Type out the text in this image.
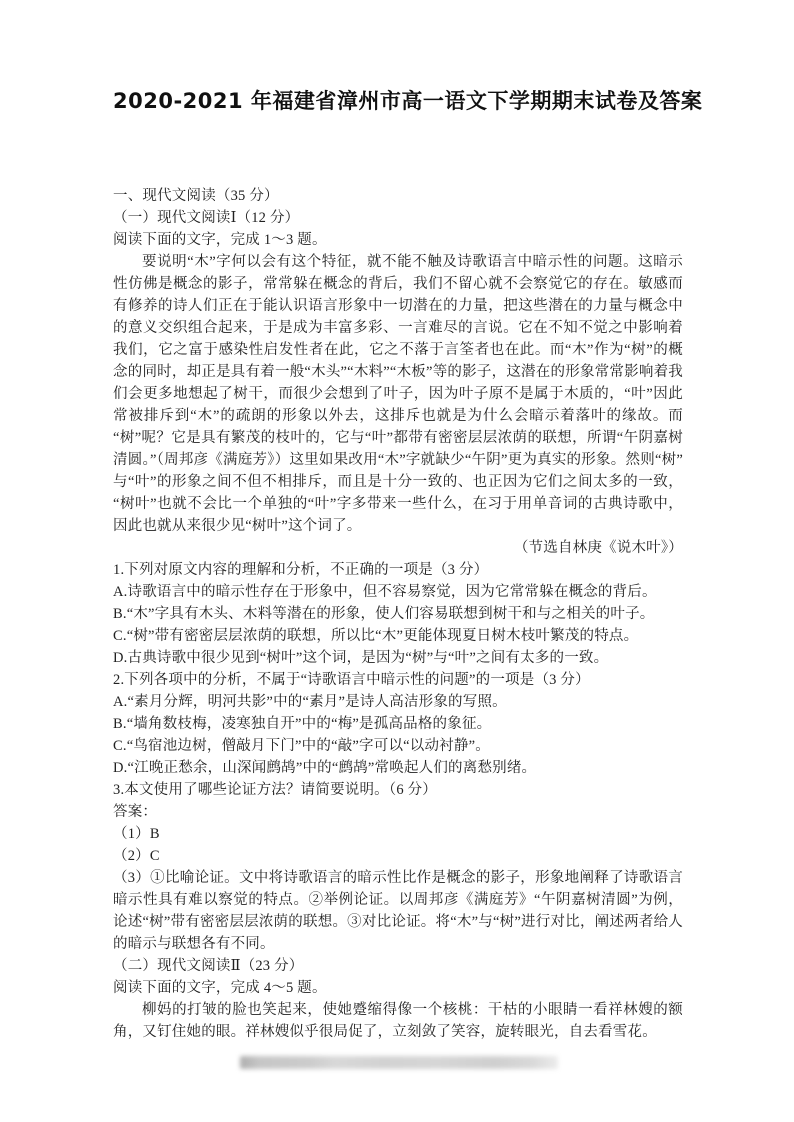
2020-2021 年福建省漳州市高一语文下学期期末试卷及答案

一、现代文阅读（35 分）

（一）现代文阅读Ⅰ（12 分）

阅读下面的文字，完成 1～3 题。

要说明“木”字何以会有这个特征，就不能不触及诗歌语言中暗示性的问题。这暗示性仿佛是概念的影子，常常躲在概念的背后，我们不留心就不会察觉它的存在。敏感而有修养的诗人们正在于能认识语言形象中一切潜在的力量，把这些潜在的力量与概念中的意义交织组合起来，于是成为丰富多彩、一言难尽的言说。它在不知不觉之中影响着我们，它之富于感染性启发性者在此，它之不落于言筌者也在此。而“木”作为“树”的概念的同时，却正是具有着一般“木头”“木料”“木板”等的影子，这潜在的形象常常影响着我们会更多地想起了树干，而很少会想到了叶子，因为叶子原不是属于木质的，“叶”因此常被排斥到“木”的疏朗的形象以外去，这排斥也就是为什么会暗示着落叶的缘故。而“树”呢？它是具有繁茂的枝叶的，它与“叶”都带有密密层层浓荫的联想，所谓“午阴嘉树清圆。”（周邦彦《满庭芳》）这里如果改用“木”字就缺少“午阴”更为真实的形象。然则“树”与“叶”的形象之间不但不相排斥，而且是十分一致的、也正因为它们之间太多的一致，“树叶”也就不会比一个单独的“叶”字多带来一些什么，在习于用单音词的古典诗歌中，因此也就从来很少见“树叶”这个词了。

（节选自林庚《说木叶》）

1.下列对原文内容的理解和分析，不正确的一项是（3 分）

A.诗歌语言中的暗示性存在于形象中，但不容易察觉，因为它常常躲在概念的背后。

B.“木”字具有木头、木料等潜在的形象，使人们容易联想到树干和与之相关的叶子。

C.“树”带有密密层层浓荫的联想，所以比“木”更能体现夏日树木枝叶繁茂的特点。

D.古典诗歌中很少见到“树叶”这个词，是因为“树”与“叶”之间有太多的一致。

2.下列各项中的分析，不属于“诗歌语言中暗示性的问题”的一项是（3 分）

A.“素月分辉，明河共影”中的“素月”是诗人高洁形象的写照。

B.“墙角数枝梅，凌寒独自开”中的“梅”是孤高品格的象征。

C.“鸟宿池边树，僧敲月下门”中的“敲”字可以“以动衬静”。

D.“江晚正愁余，山深闻鹧鸪”中的“鹧鸪”常唤起人们的离愁别绪。

3.本文使用了哪些论证方法？请简要说明。（6 分）

答案：

（1）B

（2）C

（3）①比喻论证。文中将诗歌语言的暗示性比作是概念的影子，形象地阐释了诗歌语言暗示性具有难以察觉的特点。②举例论证。以周邦彦《满庭芳》“午阴嘉树清圆”为例，论述“树”带有密密层层浓荫的联想。③对比论证。将“木”与“树”进行对比，阐述两者给人的暗示与联想各有不同。

（二）现代文阅读Ⅱ（23 分）

阅读下面的文字，完成 4～5 题。

柳妈的打皱的脸也笑起来，使她蹙缩得像一个核桃：干枯的小眼睛一看祥林嫂的额角，又钉住她的眼。祥林嫂似乎很局促了，立刻敛了笑容，旋转眼光，自去看雪花。
